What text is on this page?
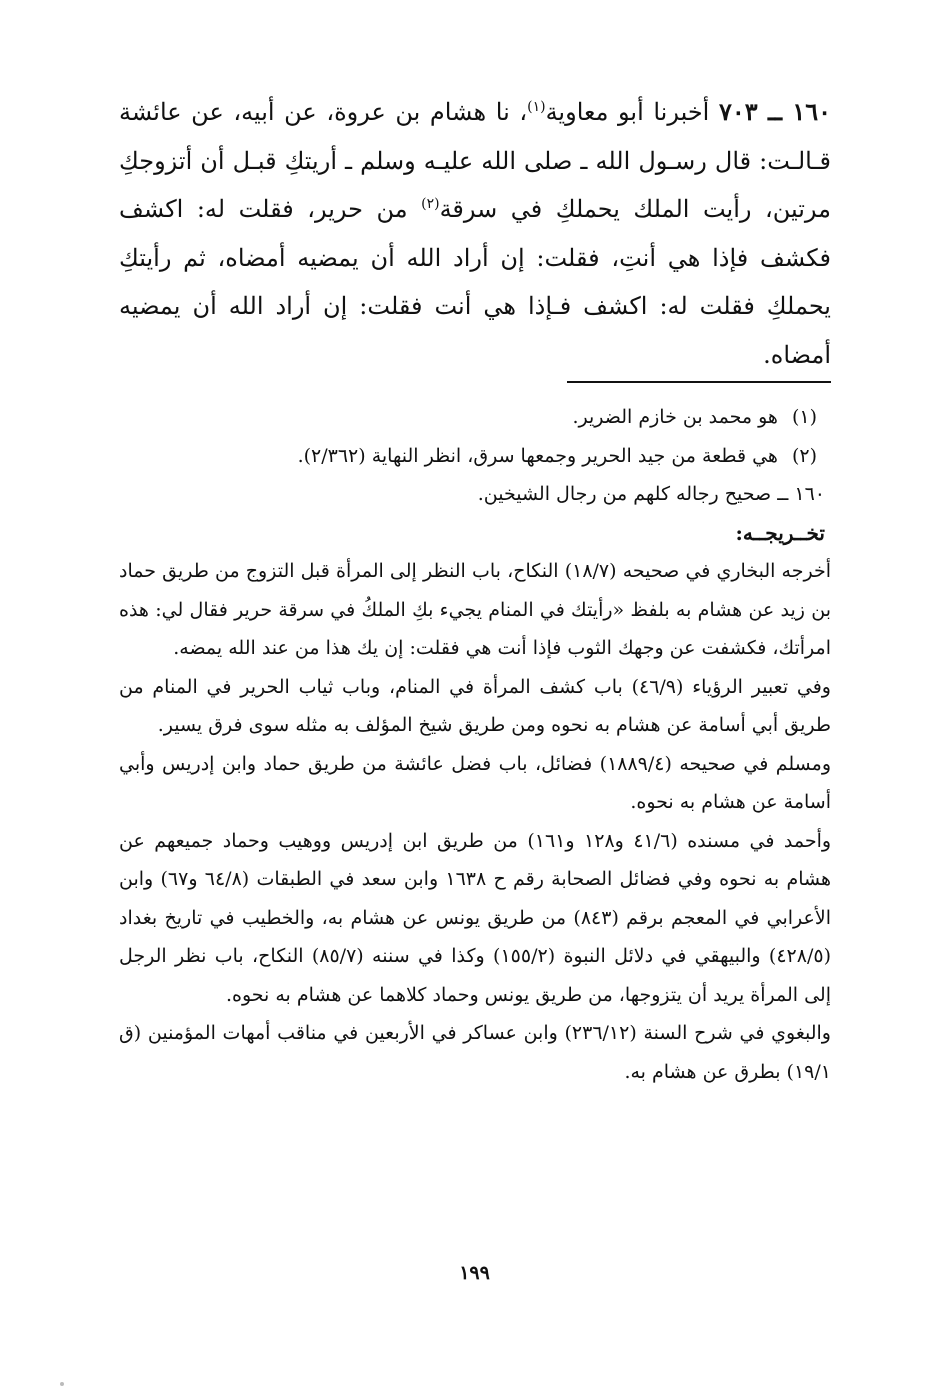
١٦٠ ــ ٧٠٣ أخبرنا أبو معاوية$^{(١)}$، نا هشام بن عروة، عن أبيه، عن عائشة قـالـت: قال رسـول الله ـ صلى الله عليـه وسلم ـ أريتكِ قبـل أن أتزوجكِ مرتين، رأيت الملك يحملكِ في سرقة$^{(٢)}$ من حرير، فقلت له: اكشف فكشف فإذا هي أنتِ، فقلت: إن أراد الله أن يمضيه أمضاه، ثم رأيتكِ يحملكِ فقلت له: اكشف فـإذا هي أنت فقلت: إن أراد الله أن يمضيه أمضاه.
(١)هو محمد بن خازم الضرير.
(٢)هي قطعة من جيد الحرير وجمعها سرق، انظر النهاية (٢/٣٦٢).
١٦٠ ــ صحيح رجاله كلهم من رجال الشيخين.
تخــريجــه:
أخرجه البخاري في صحيحه (١٨/٧) النكاح، باب النظر إلى المرأة قبل التزوج من طريق حماد بن زيد عن هشام به بلفظ «رأيتك في المنام يجيء بكِ الملكُ في سرقة حرير فقال لي: هذه امرأتك، فكشفت عن وجهك الثوب فإذا أنت هي فقلت: إن يك هذا من عند الله يمضه.
وفي تعبير الرؤياء (٤٦/٩) باب كشف المرأة في المنام، وباب ثياب الحرير في المنام من طريق أبي أسامة عن هشام به نحوه ومن طريق شيخ المؤلف به مثله سوى فرق يسير.
ومسلم في صحيحه (١٨٨٩/٤) فضائل، باب فضل عائشة من طريق حماد وابن إدريس وأبي أسامة عن هشام به نحوه.
وأحمد في مسنده (٤١/٦ و١٢٨ و١٦١) من طريق ابن إدريس ووهيب وحماد جميعهم عن هشام به نحوه وفي فضائل الصحابة رقم ح ١٦٣٨ وابن سعد في الطبقات (٦٤/٨ و٦٧) وابن الأعرابي في المعجم برقم (٨٤٣) من طريق يونس عن هشام به، والخطيب في تاريخ بغداد (٤٢٨/٥) والبيهقي في دلائل النبوة (١٥٥/٢) وكذا في سننه (٨٥/٧) النكاح، باب نظر الرجل إلى المرأة يريد أن يتزوجها، من طريق يونس وحماد كلاهما عن هشام به نحوه.
والبغوي في شرح السنة (٢٣٦/١٢) وابن عساكر في الأربعين في مناقب أمهات المؤمنين (ق ١٩/١) بطرق عن هشام به.
١٩٩
